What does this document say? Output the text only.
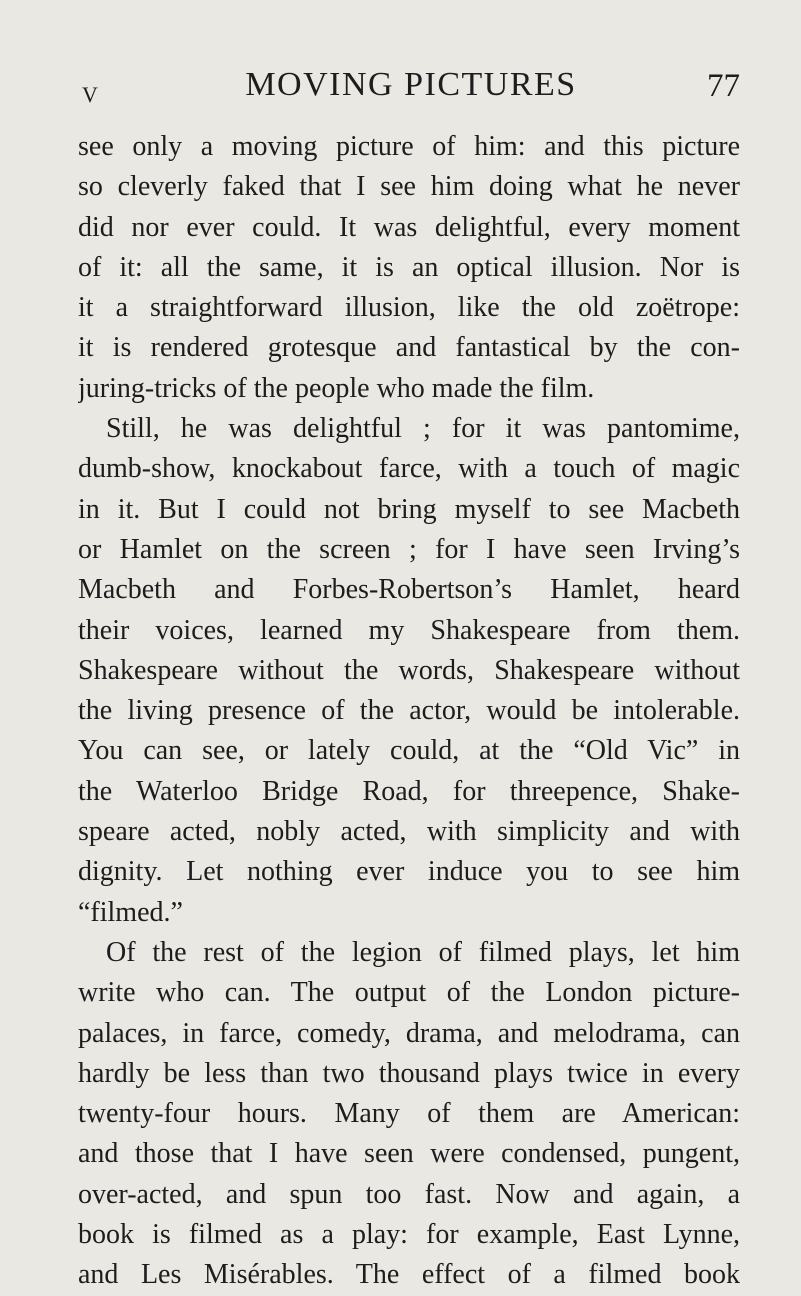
V	MOVING PICTURES	77
see only a moving picture of him: and this picture
so cleverly faked that I see him doing what he never
did nor ever could. It was delightful, every moment
of it: all the same, it is an optical illusion. Nor is
it a straightforward illusion, like the old zoëtrope:
it is rendered grotesque and fantastical by the con-
juring-tricks of the people who made the film.
Still, he was delightful ; for it was pantomime,
dumb-show, knockabout farce, with a touch of magic
in it. But I could not bring myself to see Macbeth
or Hamlet on the screen ; for I have seen Irving’s
Macbeth and Forbes-Robertson’s Hamlet, heard
their voices, learned my Shakespeare from them.
Shakespeare without the words, Shakespeare without
the living presence of the actor, would be intolerable.
You can see, or lately could, at the “Old Vic” in
the Waterloo Bridge Road, for threepence, Shake-
speare acted, nobly acted, with simplicity and with
dignity. Let nothing ever induce you to see him
“filmed.”
Of the rest of the legion of filmed plays, let him
write who can. The output of the London picture-
palaces, in farce, comedy, drama, and melodrama, can
hardly be less than two thousand plays twice in every
twenty-four hours. Many of them are American:
and those that I have seen were condensed, pungent,
over-acted, and spun too fast. Now and again, a
book is filmed as a play: for example, East Lynne,
and Les Misérables. The effect of a filmed book
